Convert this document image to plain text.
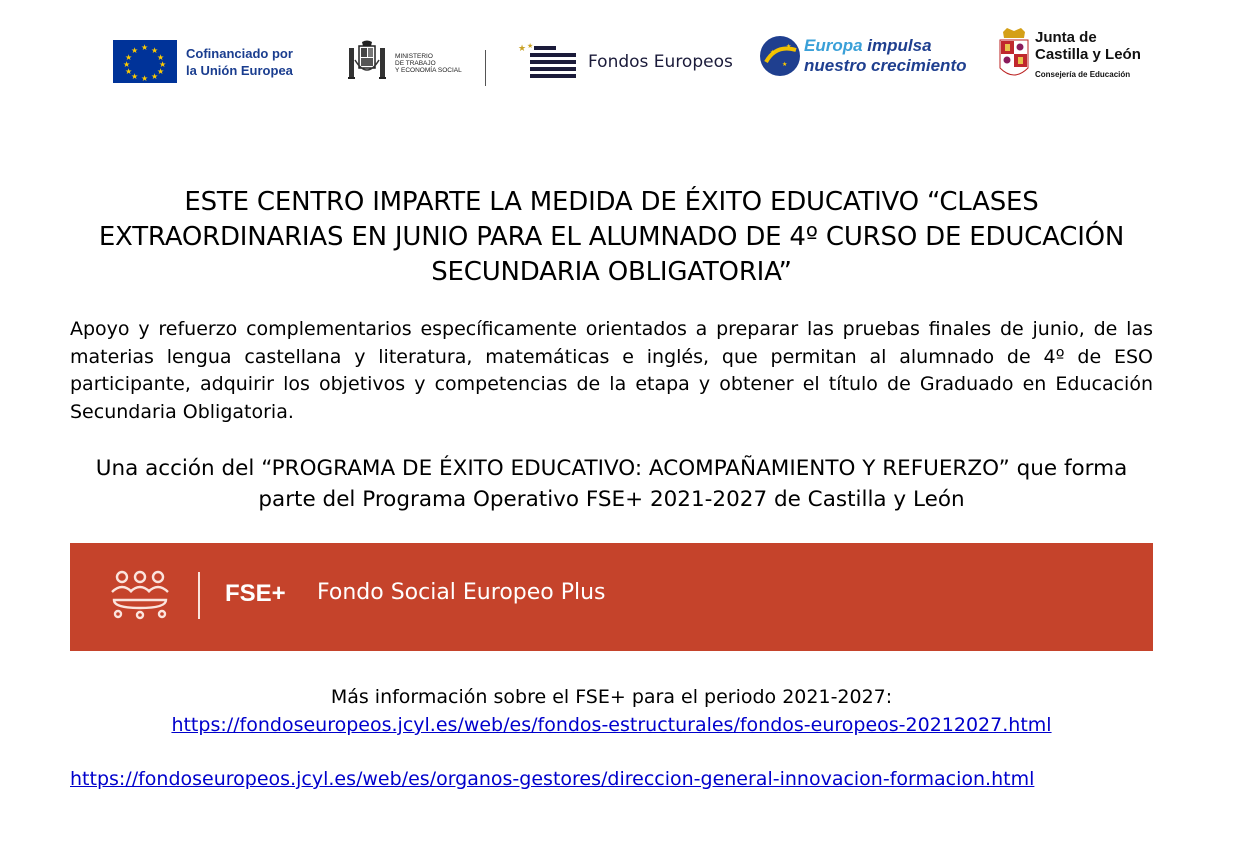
★ ★
★
★
★
★
★
★
★
★
★
★	Cofinanciado por
la Unión Europea
MINISTERIO
DE TRABAJO
Y ECONOMÍA SOCIAL
★ ★
Fondos Europeos	★
★
★ Europa impulsa
nuestro crecimiento
Junta de
Castilla y León
Consejería de Educación

ESTE CENTRO IMPARTE LA MEDIDA DE ÉXITO EDUCATIVO “CLASES EXTRAORDINARIAS EN JUNIO PARA EL ALUMNADO DE 4º CURSO DE EDUCACIÓN SECUNDARIA OBLIGATORIA”

Apoyo y refuerzo complementarios específicamente orientados a preparar las pruebas finales de junio, de las materias lengua castellana y literatura, matemáticas e inglés, que permitan al alumnado de 4º de ESO participante, adquirir los objetivos y competencias de la etapa y obtener el título de Graduado en Educación Secundaria Obligatoria.

Una acción del “PROGRAMA DE ÉXITO EDUCATIVO: ACOMPAÑAMIENTO Y REFUERZO” que forma parte del Programa Operativo FSE+ 2021-2027 de Castilla y León

FSE+ Fondo Social Europeo Plus
Más información sobre el FSE+ para el periodo 2021-2027:
https://fondoseuropeos.jcyl.es/web/es/fondos-estructurales/fondos-europeos-20212027.html

https://fondoseuropeos.jcyl.es/web/es/organos-gestores/direccion-general-innovacion-formacion.html
